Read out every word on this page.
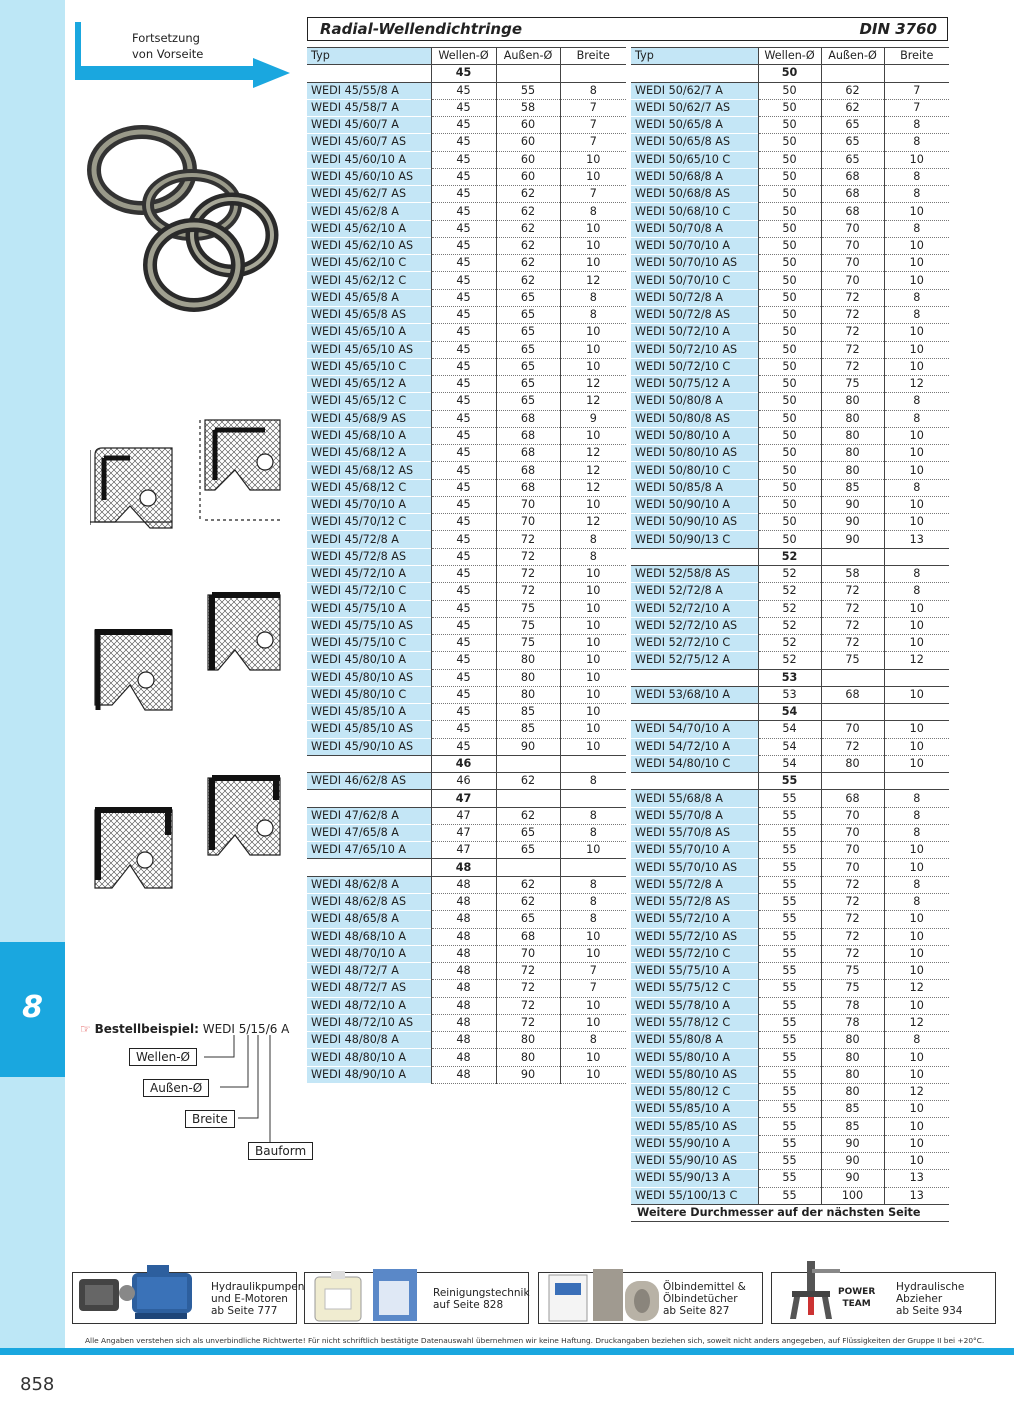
8
Fortsetzung
von Vorseite
Radial-Wellendichtringe	DIN 3760
Typ	Wellen-Ø	Außen-Ø	Breite
	45		
WEDI 45/55/8 A	45	55	8
WEDI 45/58/7 A	45	58	7
WEDI 45/60/7 A	45	60	7
WEDI 45/60/7 AS	45	60	7
WEDI 45/60/10 A	45	60	10
WEDI 45/60/10 AS	45	60	10
WEDI 45/62/7 AS	45	62	7
WEDI 45/62/8 A	45	62	8
WEDI 45/62/10 A	45	62	10
WEDI 45/62/10 AS	45	62	10
WEDI 45/62/10 C	45	62	10
WEDI 45/62/12 C	45	62	12
WEDI 45/65/8 A	45	65	8
WEDI 45/65/8 AS	45	65	8
WEDI 45/65/10 A	45	65	10
WEDI 45/65/10 AS	45	65	10
WEDI 45/65/10 C	45	65	10
WEDI 45/65/12 A	45	65	12
WEDI 45/65/12 C	45	65	12
WEDI 45/68/9 AS	45	68	9
WEDI 45/68/10 A	45	68	10
WEDI 45/68/12 A	45	68	12
WEDI 45/68/12 AS	45	68	12
WEDI 45/68/12 C	45	68	12
WEDI 45/70/10 A	45	70	10
WEDI 45/70/12 C	45	70	12
WEDI 45/72/8 A	45	72	8
WEDI 45/72/8 AS	45	72	8
WEDI 45/72/10 A	45	72	10
WEDI 45/72/10 C	45	72	10
WEDI 45/75/10 A	45	75	10
WEDI 45/75/10 AS	45	75	10
WEDI 45/75/10 C	45	75	10
WEDI 45/80/10 A	45	80	10
WEDI 45/80/10 AS	45	80	10
WEDI 45/80/10 C	45	80	10
WEDI 45/85/10 A	45	85	10
WEDI 45/85/10 AS	45	85	10
WEDI 45/90/10 AS	45	90	10
	46		
WEDI 46/62/8 AS	46	62	8
	47		
WEDI 47/62/8 A	47	62	8
WEDI 47/65/8 A	47	65	8
WEDI 47/65/10 A	47	65	10
	48		
WEDI 48/62/8 A	48	62	8
WEDI 48/62/8 AS	48	62	8
WEDI 48/65/8 A	48	65	8
WEDI 48/68/10 A	48	68	10
WEDI 48/70/10 A	48	70	10
WEDI 48/72/7 A	48	72	7
WEDI 48/72/7 AS	48	72	7
WEDI 48/72/10 A	48	72	10
WEDI 48/72/10 AS	48	72	10
WEDI 48/80/8 A	48	80	8
WEDI 48/80/10 A	48	80	10
WEDI 48/90/10 A	48	90	10
Typ	Wellen-Ø	Außen-Ø	Breite
	50		
WEDI 50/62/7 A	50	62	7
WEDI 50/62/7 AS	50	62	7
WEDI 50/65/8 A	50	65	8
WEDI 50/65/8 AS	50	65	8
WEDI 50/65/10 C	50	65	10
WEDI 50/68/8 A	50	68	8
WEDI 50/68/8 AS	50	68	8
WEDI 50/68/10 C	50	68	10
WEDI 50/70/8 A	50	70	8
WEDI 50/70/10 A	50	70	10
WEDI 50/70/10 AS	50	70	10
WEDI 50/70/10 C	50	70	10
WEDI 50/72/8 A	50	72	8
WEDI 50/72/8 AS	50	72	8
WEDI 50/72/10 A	50	72	10
WEDI 50/72/10 AS	50	72	10
WEDI 50/72/10 C	50	72	10
WEDI 50/75/12 A	50	75	12
WEDI 50/80/8 A	50	80	8
WEDI 50/80/8 AS	50	80	8
WEDI 50/80/10 A	50	80	10
WEDI 50/80/10 AS	50	80	10
WEDI 50/80/10 C	50	80	10
WEDI 50/85/8 A	50	85	8
WEDI 50/90/10 A	50	90	10
WEDI 50/90/10 AS	50	90	10
WEDI 50/90/13 C	50	90	13
	52		
WEDI 52/58/8 AS	52	58	8
WEDI 52/72/8 A	52	72	8
WEDI 52/72/10 A	52	72	10
WEDI 52/72/10 AS	52	72	10
WEDI 52/72/10 C	52	72	10
WEDI 52/75/12 A	52	75	12
	53		
WEDI 53/68/10 A	53	68	10
	54		
WEDI 54/70/10 A	54	70	10
WEDI 54/72/10 A	54	72	10
WEDI 54/80/10 C	54	80	10
	55		
WEDI 55/68/8 A	55	68	8
WEDI 55/70/8 A	55	70	8
WEDI 55/70/8 AS	55	70	8
WEDI 55/70/10 A	55	70	10
WEDI 55/70/10 AS	55	70	10
WEDI 55/72/8 A	55	72	8
WEDI 55/72/8 AS	55	72	8
WEDI 55/72/10 A	55	72	10
WEDI 55/72/10 AS	55	72	10
WEDI 55/72/10 C	55	72	10
WEDI 55/75/10 A	55	75	10
WEDI 55/75/12 C	55	75	12
WEDI 55/78/10 A	55	78	10
WEDI 55/78/12 C	55	78	12
WEDI 55/80/8 A	55	80	8
WEDI 55/80/10 A	55	80	10
WEDI 55/80/10 AS	55	80	10
WEDI 55/80/12 C	55	80	12
WEDI 55/85/10 A	55	85	10
WEDI 55/85/10 AS	55	85	10
WEDI 55/90/10 A	55	90	10
WEDI 55/90/10 AS	55	90	10
WEDI 55/90/13 A	55	90	13
WEDI 55/100/13 C	55	100	13
Weitere Durchmesser auf der nächsten Seite			
☞ Bestellbeispiel: WEDI 5/15/6 A
Wellen-Ø
Außen-Ø
Breite
Bauform
Hydraulikpumpen
und E-Motoren
ab Seite 777
Reinigungstechnik
auf Seite 828
Ölbindemittel &
Ölbindetücher
ab Seite 827
POWER
TEAM
Hydraulische
Abzieher
ab Seite 934
Alle Angaben verstehen sich als unverbindliche Richtwerte! Für nicht schriftlich bestätigte Datenauswahl übernehmen wir keine Haftung. Druckangaben beziehen sich, soweit nicht anders angegeben, auf Flüssigkeiten der Gruppe II bei +20°C.
858
